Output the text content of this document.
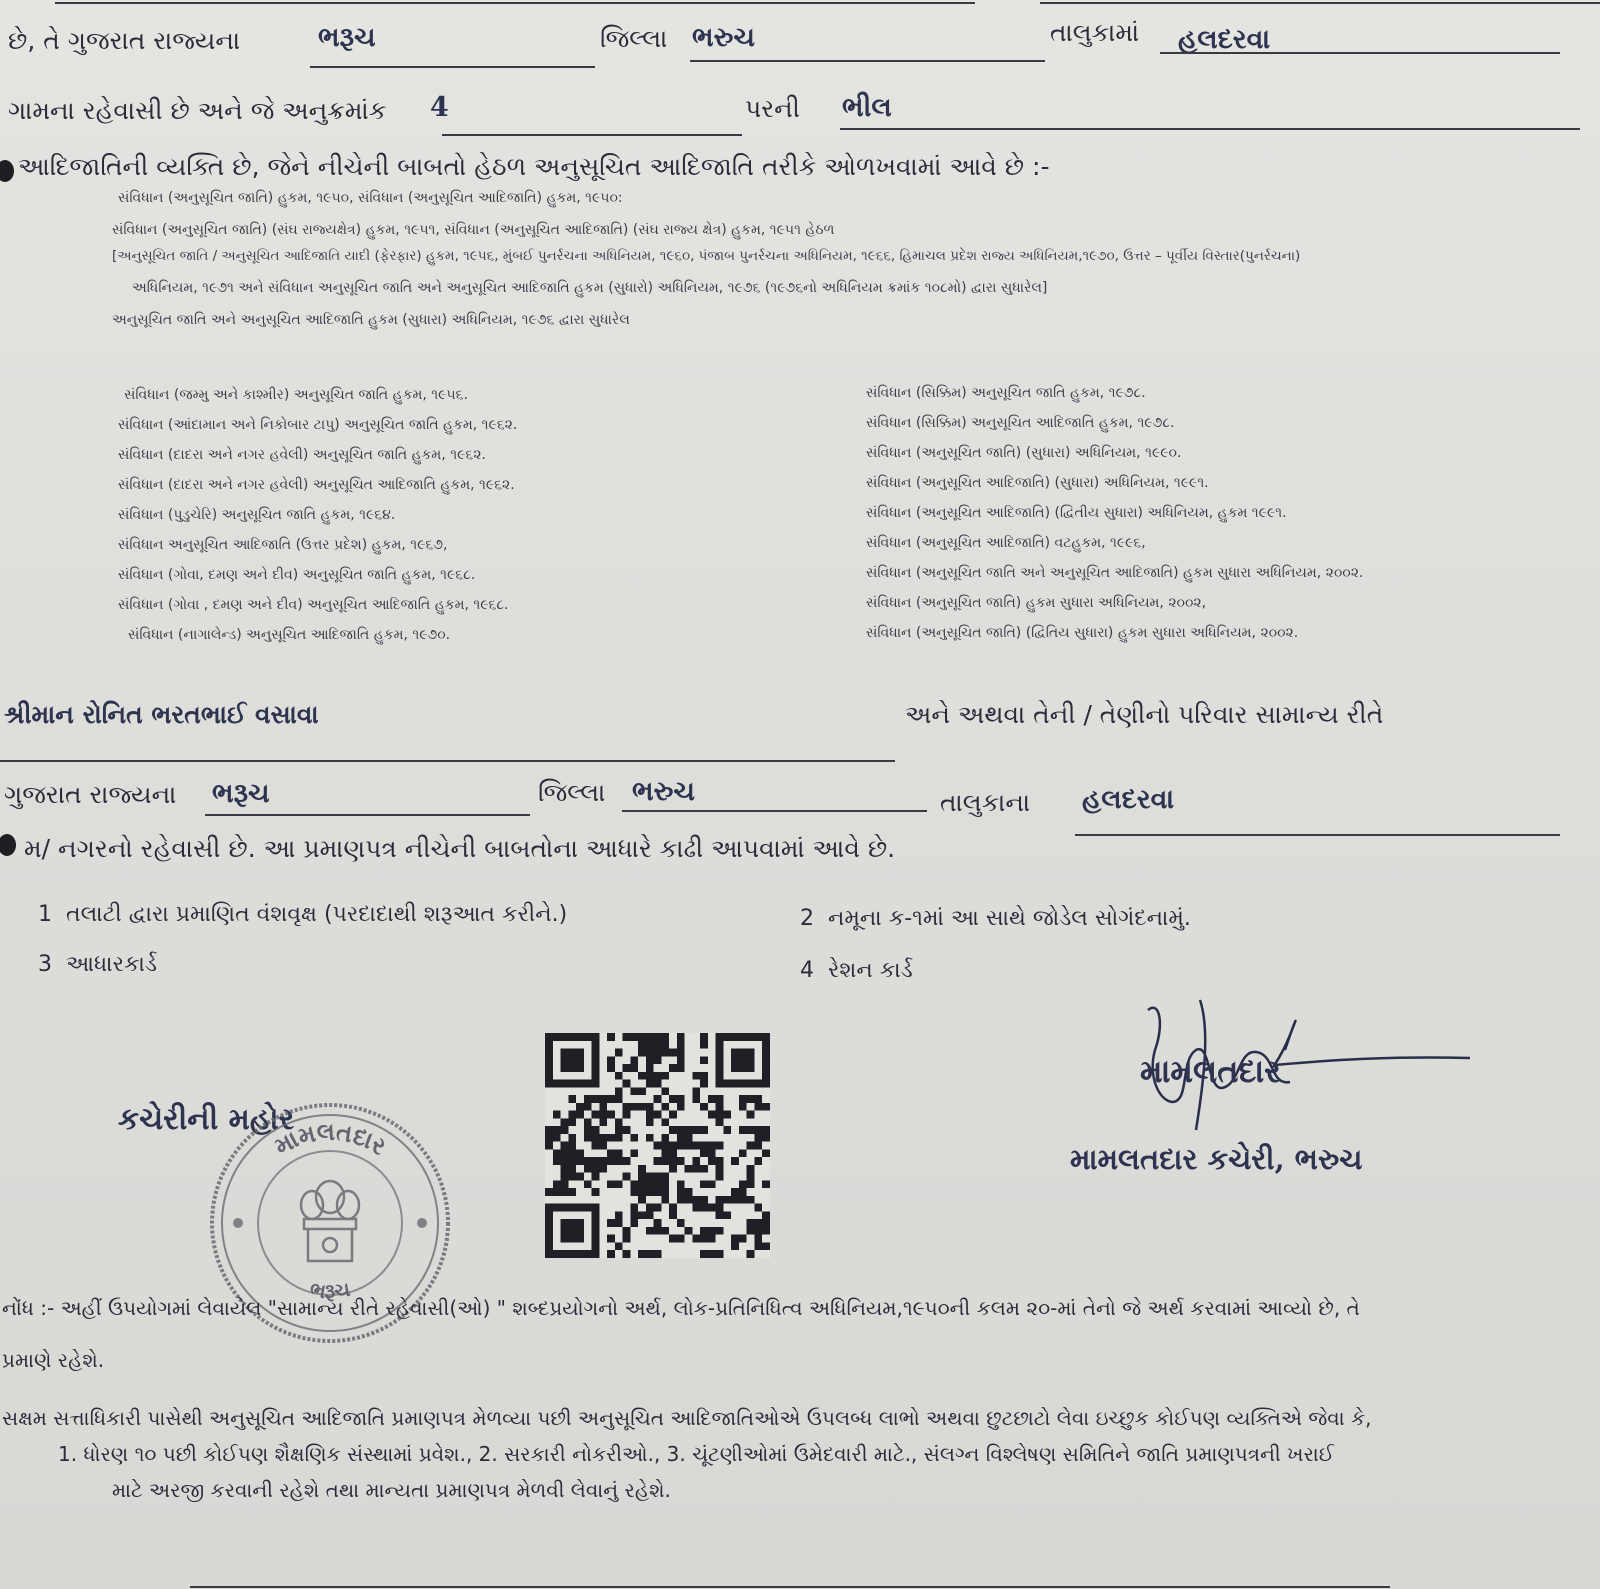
છે, તે ગુજરાત રાજ્યના	ભરૂચ	જિલ્લા ભરુચ	તાલુકામાં હલદરવા
ગામના રહેવાસી છે અને જે અનુક્રમાંક 4	પરની ભીલ
આદિજાતિની વ્યક્તિ છે, જેને નીચેની બાબતો હેઠળ અનુસૂચિત આદિજાતિ તરીકે ઓળખવામાં આવે છે :-
સંવિધાન (અનુસૂચિત જાતિ) હુકમ, ૧૯૫૦, સંવિધાન (અનુસૂચિત આદિજાતિ) હુકમ, ૧૯૫૦:
સંવિધાન (અનુસૂચિત જાતિ) (સંઘ રાજ્યક્ષેત્ર) હુકમ, ૧૯૫૧, સંવિધાન (અનુસૂચિત આદિજાતિ) (સંઘ રાજ્ય ક્ષેત્ર) હુકમ, ૧૯૫૧ હેઠળ
[અનુસૂચિત જાતિ / અનુસૂચિત આદિજાતિ યાદી (ફેરફાર) હુકમ, ૧૯૫૬, મુંબઈ પુનર્રચના અધિનિયમ, ૧૯૬૦, પંજાબ પુનર્રચના અધિનિયમ, ૧૯૬૬, હિમાચલ પ્રદેશ રાજ્ય અધિનિયમ,૧૯૭૦, ઉત્તર – પૂર્વીય વિસ્તાર(પુનર્રચના)
અધિનિયમ, ૧૯૭૧ અને સંવિધાન અનુસૂચિત જાતિ અને અનુસૂચિત આદિજાતિ હુકમ (સુધારો) અધિનિયમ, ૧૯૭૬ (૧૯૭૬નો અધિનિયમ ક્રમાંક ૧૦૮મો) દ્વારા સુધારેલ]
અનુસૂચિત જાતિ અને અનુસૂચિત આદિજાતિ હુકમ (સુધારા) અધિનિયમ, ૧૯૭૬ દ્વારા સુધારેલ
સંવિધાન (જમ્મુ અને કાશ્મીર) અનુસૂચિત જાતિ હુકમ, ૧૯૫૬.
સંવિધાન (આંદામાન અને નિકોબાર ટાપુ) અનુસૂચિત જાતિ હુકમ, ૧૯૬૨.
સંવિધાન (દાદરા અને નગર હવેલી) અનુસૂચિત જાતિ હુકમ, ૧૯૬૨.
સંવિધાન (દાદરા અને નગર હવેલી) અનુસૂચિત આદિજાતિ હુકમ, ૧૯૬૨.
સંવિધાન (પુડુચેરિ) અનુસૂચિત જાતિ હુકમ, ૧૯૬૪.
સંવિધાન અનુસૂચિત આદિજાતિ (ઉત્તર પ્રદેશ) હુકમ, ૧૯૬૭,
સંવિધાન (ગોવા, દમણ અને દીવ) અનુસૂચિત જાતિ હુકમ, ૧૯૬૮.
સંવિધાન (ગોવા , દમણ અને દીવ) અનુસૂચિત આદિજાતિ હુકમ, ૧૯૬૮.
સંવિધાન (નાગાલેન્ડ) અનુસૂચિત આદિજાતિ હુકમ, ૧૯૭૦.
સંવિધાન (સિક્કિમ) અનુસૂચિત જાતિ હુકમ, ૧૯૭૮.
સંવિધાન (સિક્કિમ) અનુસૂચિત આદિજાતિ હુકમ, ૧૯૭૮.
સંવિધાન (અનુસૂચિત જાતિ) (સુધારા) અધિનિયમ, ૧૯૯૦.
સંવિધાન (અનુસૂચિત આદિજાતિ) (સુધારા) અધિનિયમ, ૧૯૯૧.
સંવિધાન (અનુસૂચિત આદિજાતિ) (દ્વિતીય સુધારા) અધિનિયમ, હુકમ ૧૯૯૧.
સંવિધાન (અનુસૂચિત આદિજાતિ) વટહુકમ, ૧૯૯૬,
સંવિધાન (અનુસૂચિત જાતિ અને અનુસૂચિત આદિજાતિ) હુકમ સુધારા અધિનિયમ, ૨૦૦૨.
સંવિધાન (અનુસૂચિત જાતિ) હુકમ સુધારા અધિનિયમ, ૨૦૦૨,
સંવિધાન (અનુસૂચિત જાતિ) (દ્વિતિય સુધારા) હુકમ સુધારા અધિનિયમ, ૨૦૦૨.
શ્રીમાન રોનિત ભરતભાઈ વસાવા	અને અથવા તેની / તેણીનો પરિવાર સામાન્ય રીતે
ગુજરાત રાજ્યના ભરૂચ	જિલ્લા ભરુચ	તાલુકાના હલદરવા
મ/ નગરનો રહેવાસી છે. આ પ્રમાણપત્ર નીચેની બાબતોના આધારે કાઢી આપવામાં આવે છે.
1 તલાટી દ્વારા પ્રમાણિત વંશવૃક્ષ (પરદાદાથી શરૂઆત કરીને.)	2 નમૂના ક-૧માં આ સાથે જોડેલ સોગંદનામું.
3 આધારકાર્ડ	4 રેશન કાર્ડ
કચેરીની મહોર
મામલતદાર
ભરૂચ
મામલતદાર
મામલતદાર કચેરી, ભરુચ
નોંધ :- અહીં ઉપયોગમાં લેવાયેલ "સામાન્ય રીતે રહેવાસી(ઓ) " શબ્દપ્રયોગનો અર્થ, લોક-પ્રતિનિધિત્વ અધિનિયમ,૧૯૫૦ની કલમ ૨૦-માં તેનો જે અર્થ કરવામાં આવ્યો છે, તે
પ્રમાણે રહેશે.
સક્ષમ સત્તાધિકારી પાસેથી અનુસૂચિત આદિજાતિ પ્રમાણપત્ર મેળવ્યા પછી અનુસૂચિત આદિજાતિઓએ ઉપલબ્ધ લાભો અથવા છુટછાટો લેવા ઇચ્છુક કોઈપણ વ્યક્તિએ જેવા કે,
1. ધોરણ ૧૦ પછી કોઈપણ શૈક્ષણિક સંસ્થામાં પ્રવેશ., 2. સરકારી નોકરીઓ., 3. ચૂંટણીઓમાં ઉમેદવારી માટે., સંલગ્ન વિશ્લેષણ સમિતિને જાતિ પ્રમાણપત્રની ખરાઈ
માટે અરજી કરવાની રહેશે તથા માન્યતા પ્રમાણપત્ર મેળવી લેવાનું રહેશે.
